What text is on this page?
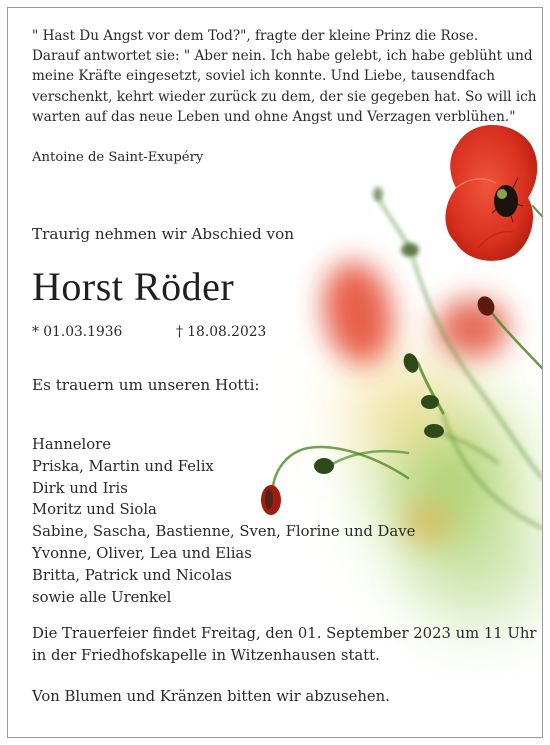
" Hast Du Angst vor dem Tod?", fragte der kleine Prinz die Rose.
Darauf antwortet sie: " Aber nein. Ich habe gelebt, ich habe geblüht und
meine Kräfte eingesetzt, soviel ich konnte. Und Liebe, tausendfach
verschenkt, kehrt wieder zurück zu dem, der sie gegeben hat. So will ich
warten auf das neue Leben und ohne Angst und Verzagen verblühen."
Antoine de Saint-Exupéry
Traurig nehmen wir Abschied von
Horst Röder
* 01.03.1936	† 18.08.2023
Es trauern um unseren Hotti:
Hannelore
Priska, Martin und Felix
Dirk und Iris
Moritz und Siola
Sabine, Sascha, Bastienne, Sven, Florine und Dave
Yvonne, Oliver, Lea und Elias
Britta, Patrick und Nicolas
sowie alle Urenkel
Die Trauerfeier findet Freitag, den 01. September 2023 um 11 Uhr
in der Friedhofskapelle in Witzenhausen statt.
Von Blumen und Kränzen bitten wir abzusehen.
